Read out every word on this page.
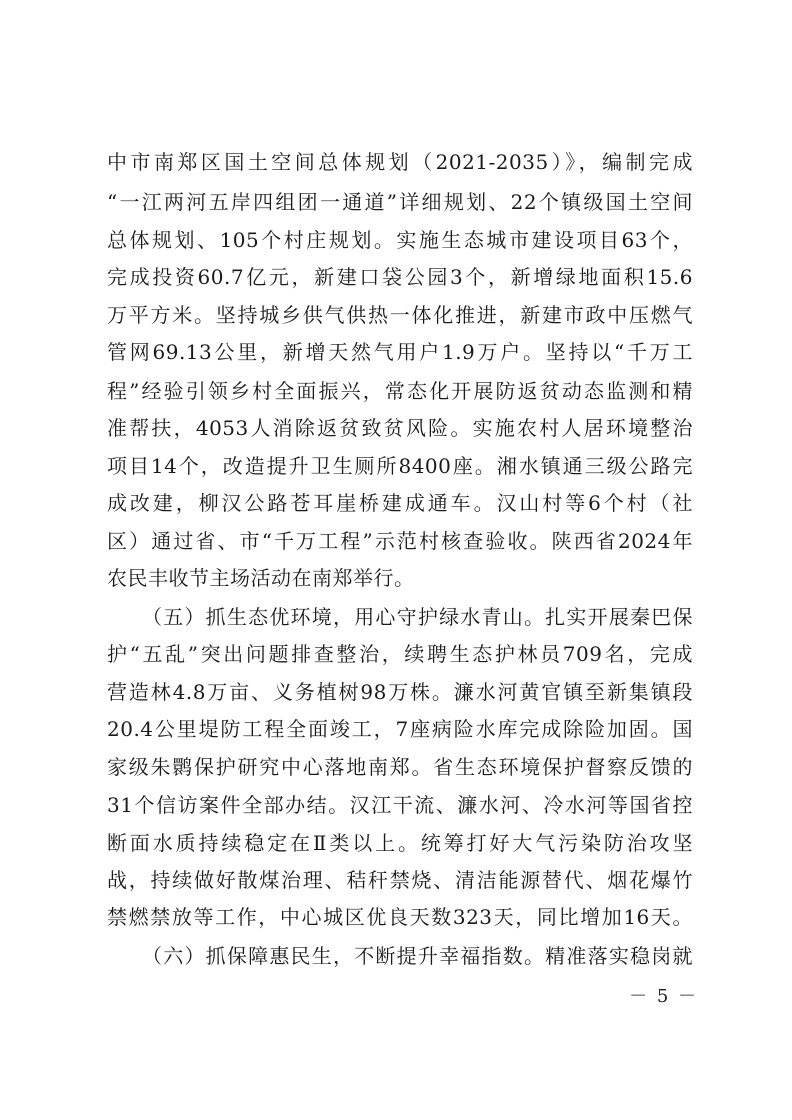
中市南郑区国土空间总体规划（2021-2035）》，编制完成
“一江两河五岸四组团一通道”详细规划、22个镇级国土空间
总体规划、105个村庄规划。实施生态城市建设项目63个，
完成投资60.7亿元，新建口袋公园3个，新增绿地面积15.6
万平方米。坚持城乡供气供热一体化推进，新建市政中压燃气
管网69.13公里，新增天然气用户1.9万户。坚持以“千万工
程”经验引领乡村全面振兴，常态化开展防返贫动态监测和精
准帮扶，4053人消除返贫致贫风险。实施农村人居环境整治
项目14个，改造提升卫生厕所8400座。湘水镇通三级公路完
成改建，柳汉公路苍耳崖桥建成通车。汉山村等6个村（社
区）通过省、市“千万工程”示范村核查验收。陕西省2024年
农民丰收节主场活动在南郑举行。
（五）抓生态优环境，用心守护绿水青山。扎实开展秦巴保
护“五乱”突出问题排查整治，续聘生态护林员709名，完成
营造林4.8万亩、义务植树98万株。濂水河黄官镇至新集镇段
20.4公里堤防工程全面竣工，7座病险水库完成除险加固。国
家级朱鹮保护研究中心落地南郑。省生态环境保护督察反馈的
31个信访案件全部办结。汉江干流、濂水河、冷水河等国省控
断面水质持续稳定在Ⅱ类以上。统筹打好大气污染防治攻坚
战，持续做好散煤治理、秸秆禁烧、清洁能源替代、烟花爆竹
禁燃禁放等工作，中心城区优良天数323天，同比增加16天。
（六）抓保障惠民生，不断提升幸福指数。精准落实稳岗就
－ 5 －
